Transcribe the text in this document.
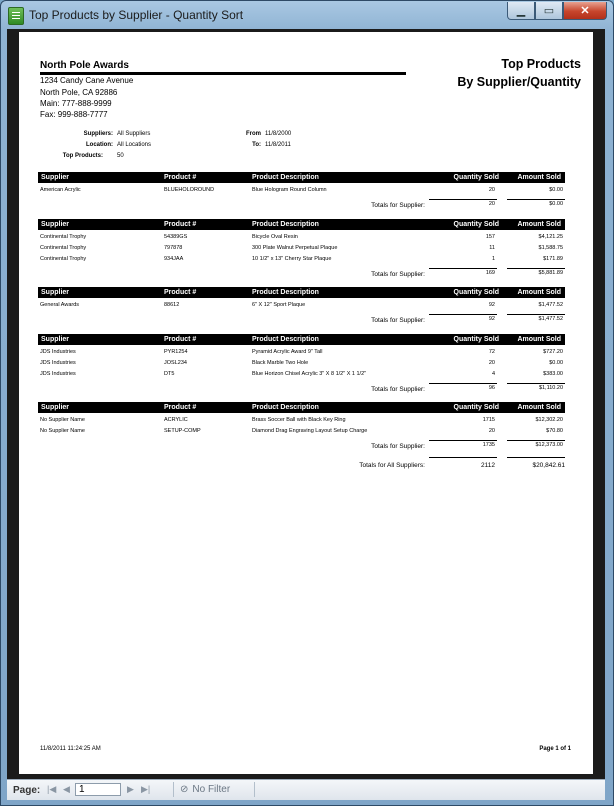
Top Products by Supplier - Quantity Sort	▁ ▭ ✕
North Pole Awards
1234 Candy Cane Avenue
North Pole, CA 92886
Main: 777-888-9999
Fax: 999-888-7777
Top Products
By Supplier/Quantity
Suppliers: All Suppliers
Location: All Locations
Top Products: 50
From 11/8/2000
To: 11/8/2011
Supplier	Product #	Product Description	Quantity Sold	Amount Sold
American Acrylic	BLUEHOLOROUND	Blue Hologram Round Column	20	$0.00
Totals for Supplier:	20	$0.00
Supplier	Product #	Product Description	Quantity Sold	Amount Sold
Continental Trophy	54389GS	Bicycle Oval Resin	157	$4,121.25
Continental Trophy	797878	300 Plate Walnut Perpetual Plaque	11	$1,588.75
Continental Trophy	934JAA	10 1/2" x 13" Cherry Star Plaque	1	$171.89
Totals for Supplier:	169	$5,881.89
Supplier	Product #	Product Description	Quantity Sold	Amount Sold
General Awards	88612	6" X 12" Sport Plaque	92	$1,477.52
Totals for Supplier:	92	$1,477.52
Supplier	Product #	Product Description	Quantity Sold	Amount Sold
JDS Industries	PYR1254	Pyramid Acrylic Award 9" Tall	72	$727.20
JDS Industries	JOSL234	Black Marble Two Hole	20	$0.00
JDS Industries	DT5	Blue Horizon Chisel Acrylic 3" X 8 1/2" X 1 1/2"	4	$383.00
Totals for Supplier:	96	$1,110.20
Supplier	Product #	Product Description	Quantity Sold	Amount Sold
No Supplier Name	ACRYLIC	Brass Soccer Ball with Black Key Ring	1715	$12,302.20
No Supplier Name	SETUP-COMP	Diamond Drag Engraving Layout Setup Charge	20	$70.80
Totals for Supplier:	1735	$12,373.00
Totals for All Suppliers:	2112	$20,842.61
11/8/2011 11:24:25 AM	Page 1 of 1
Page: |◀ ◀ 1	▶ ▶|	⊘ No Filter
